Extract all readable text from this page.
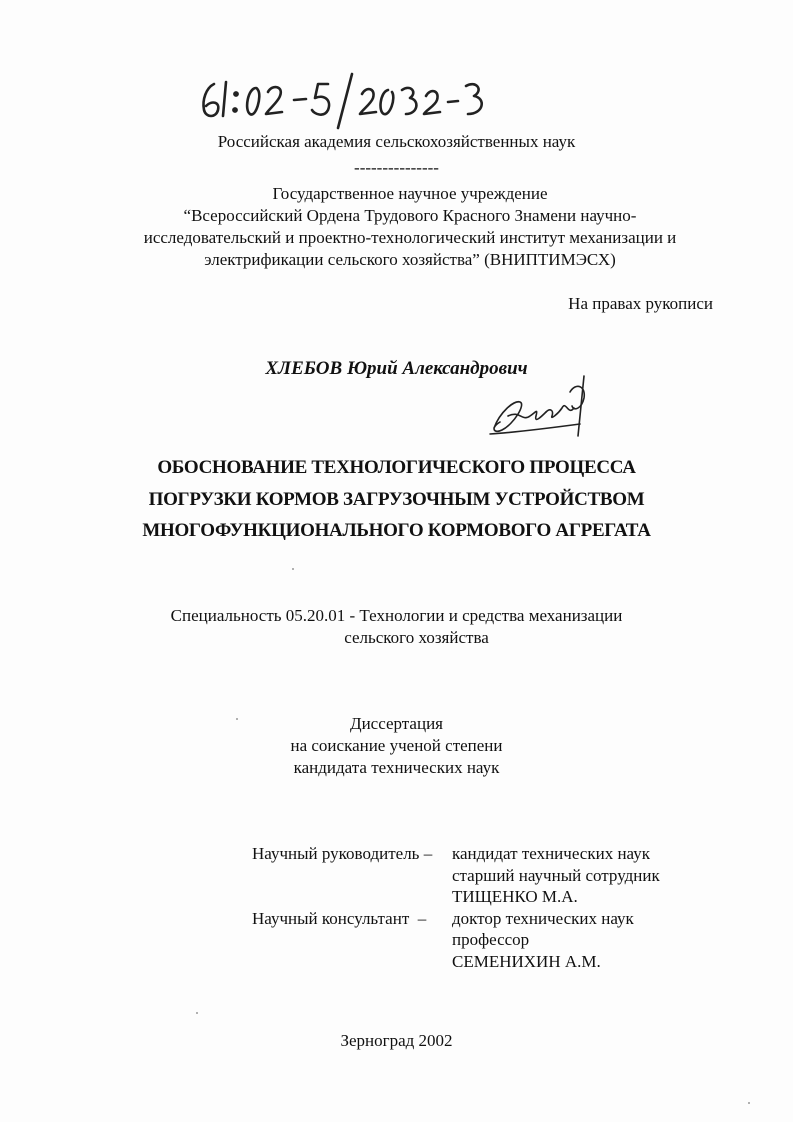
Российская академия сельскохозяйственных наук
---------------
Государственное научное учреждение
“Всероссийский Ордена Трудового Красного Знамени научно-
исследовательский и проектно-технологический институт механизации и
электрификации сельского хозяйства” (ВНИПТИМЭСХ)
На правах рукописи
ХЛЕБОВ Юрий Александрович
ОБОСНОВАНИЕ ТЕХНОЛОГИЧЕСКОГО ПРОЦЕССА
ПОГРУЗКИ КОРМОВ ЗАГРУЗОЧНЫМ УСТРОЙСТВОМ
МНОГОФУНКЦИОНАЛЬНОГО КОРМОВОГО АГРЕГАТА
Специальность 05.20.01 - Технологии и средства механизации
сельского хозяйства
Диссертация
на соискание ученой степени
кандидата технических наук
Научный руководитель –	кандидат технических наук
старший научный сотрудник
ТИЩЕНКО М.А.
Научный консультант –	доктор технических наук
профессор
СЕМЕНИХИН А.М.
Зерноград 2002
